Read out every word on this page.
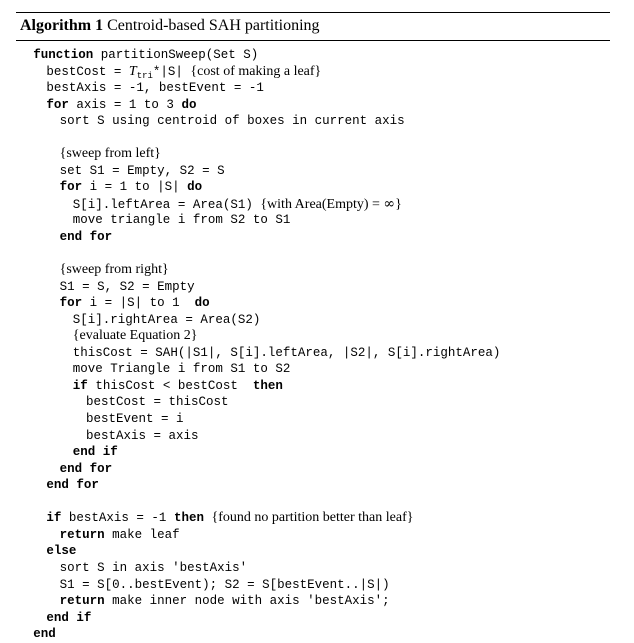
Algorithm 1 Centroid-based SAH partitioning
function partitionSweep(Set S)
bestCost = $T_{tri}*|S|$ {cost of making a leaf}
bestAxis = -1, bestEvent = -1
for axis = 1 to 3 do
sort S using centroid of boxes in current axis
{sweep from left}
set S1 = Empty, S2 = S
for i = 1 to |S| do
S[i].leftArea = Area(S1) {with Area(Empty) = ∞}
move triangle i from S2 to S1
end for
{sweep from right}
S1 = S, S2 = Empty
for i = |S| to 1  do
S[i].rightArea = Area(S2)
{evaluate Equation 2}
thisCost = SAH(|S1|, S[i].leftArea, |S2|, S[i].rightArea)
move Triangle i from S1 to S2
if thisCost < bestCost  then
bestCost = thisCost
bestEvent = i
bestAxis = axis
end if
end for
end for
if bestAxis = -1 then {found no partition better than leaf}
return make leaf
else
sort S in axis 'bestAxis'
S1 = S[0..bestEvent); S2 = S[bestEvent..|S|)
return make inner node with axis 'bestAxis';
end if
end
